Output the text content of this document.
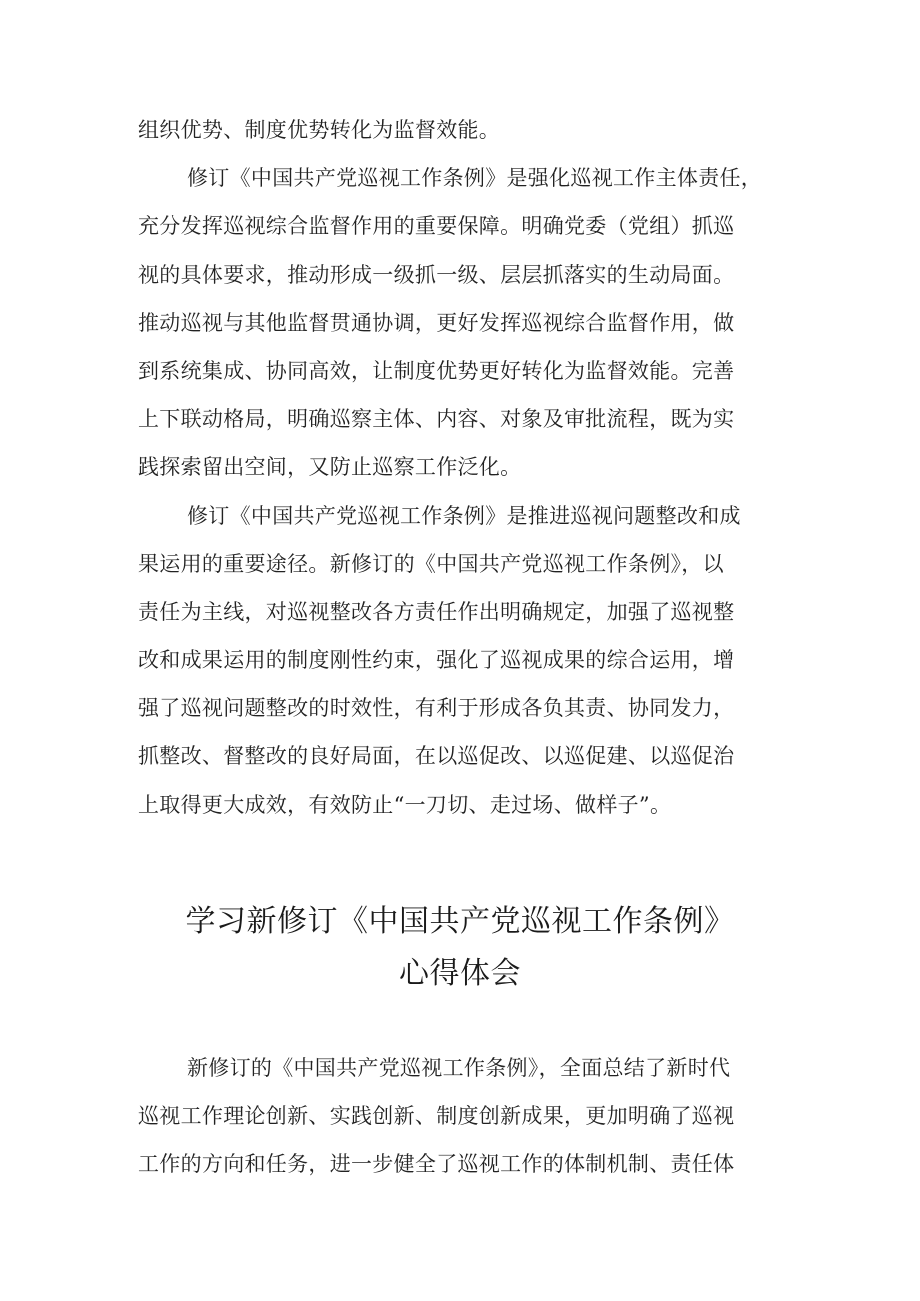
组织优势、制度优势转化为监督效能。
修订《中国共产党巡视工作条例》是强化巡视工作主体责任，
充分发挥巡视综合监督作用的重要保障。明确党委（党组）抓巡
视的具体要求，推动形成一级抓一级、层层抓落实的生动局面。
推动巡视与其他监督贯通协调，更好发挥巡视综合监督作用，做
到系统集成、协同高效，让制度优势更好转化为监督效能。完善
上下联动格局，明确巡察主体、内容、对象及审批流程，既为实
践探索留出空间，又防止巡察工作泛化。
修订《中国共产党巡视工作条例》是推进巡视问题整改和成
果运用的重要途径。新修订的《中国共产党巡视工作条例》，以
责任为主线，对巡视整改各方责任作出明确规定，加强了巡视整
改和成果运用的制度刚性约束，强化了巡视成果的综合运用，增
强了巡视问题整改的时效性，有利于形成各负其责、协同发力，
抓整改、督整改的良好局面，在以巡促改、以巡促建、以巡促治
上取得更大成效，有效防止“一刀切、走过场、做样子”。
学习新修订《中国共产党巡视工作条例》
心得体会
新修订的《中国共产党巡视工作条例》，全面总结了新时代
巡视工作理论创新、实践创新、制度创新成果，更加明确了巡视
工作的方向和任务，进一步健全了巡视工作的体制机制、责任体
